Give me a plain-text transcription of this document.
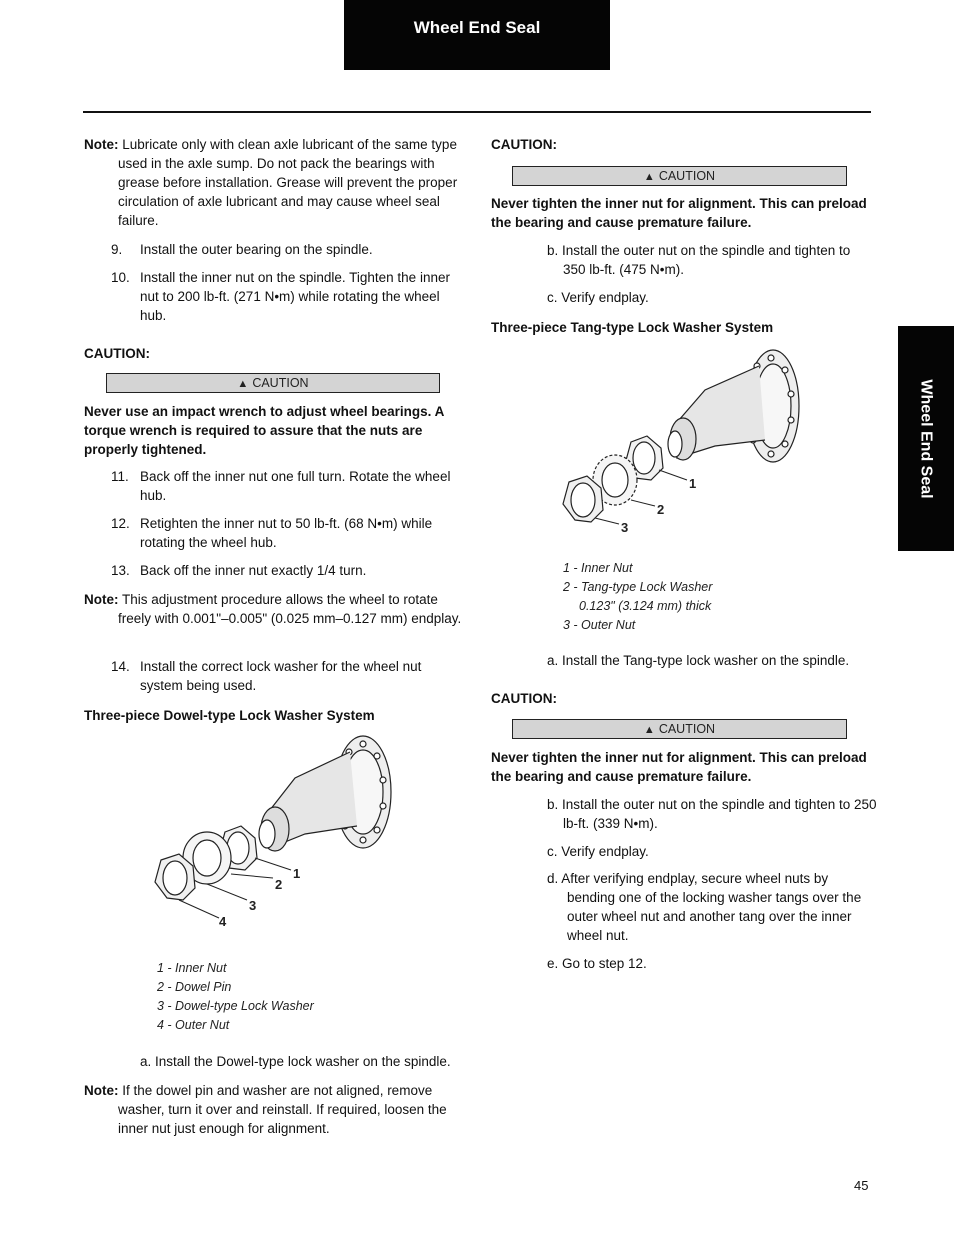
Wheel End Seal
Wheel End Seal

Note: Lubricate only with clean axle lubricant of the same type used in the axle sump. Do not pack the bearings with grease before installation. Grease will prevent the proper circulation of axle lubricant and may cause wheel seal failure.

9. Install the outer bearing on the spindle.
10. Install the inner nut on the spindle. Tighten the inner nut to 200 lb-ft. (271 N•m) while rotating the wheel hub.
CAUTION:
▲ CAUTION
Never use an impact wrench to adjust wheel bearings. A torque wrench is required to assure that the nuts are properly tightened.
11. Back off the inner nut one full turn. Rotate the wheel hub.
12. Retighten the inner nut to 50 lb-ft. (68 N•m) while rotating the wheel hub.
13. Back off the inner nut exactly 1/4 turn.

Note: This adjustment procedure allows the wheel to rotate freely with 0.001"–0.005" (0.025 mm–0.127 mm) endplay.

14. Install the correct lock washer for the wheel nut system being used.
Three-piece Dowel-type Lock Washer System
1
2
3
4
1 - Inner Nut
2 - Dowel Pin
3 - Dowel-type Lock Washer
4 - Outer Nut
a. Install the Dowel-type lock washer on the spindle.

Note: If the dowel pin and washer are not aligned, remove washer, turn it over and reinstall. If required, loosen the inner nut just enough for alignment.

CAUTION:
▲ CAUTION
Never tighten the inner nut for alignment. This can preload the bearing and cause premature failure.
b. Install the outer nut on the spindle and tighten to 350 lb-ft. (475 N•m).
c. Verify endplay.
Three-piece Tang-type Lock Washer System
1
2
3
1 - Inner Nut
2 - Tang-type Lock Washer
0.123" (3.124 mm) thick
3 - Outer Nut
a. Install the Tang-type lock washer on the spindle.
CAUTION:
▲ CAUTION
Never tighten the inner nut for alignment. This can preload the bearing and cause premature failure.
b. Install the outer nut on the spindle and tighten to 250 lb-ft. (339 N•m).
c. Verify endplay.
d. After verifying endplay, secure wheel nuts by bending one of the locking washer tangs over the outer wheel nut and another tang over the inner wheel nut.
e. Go to step 12.
45
